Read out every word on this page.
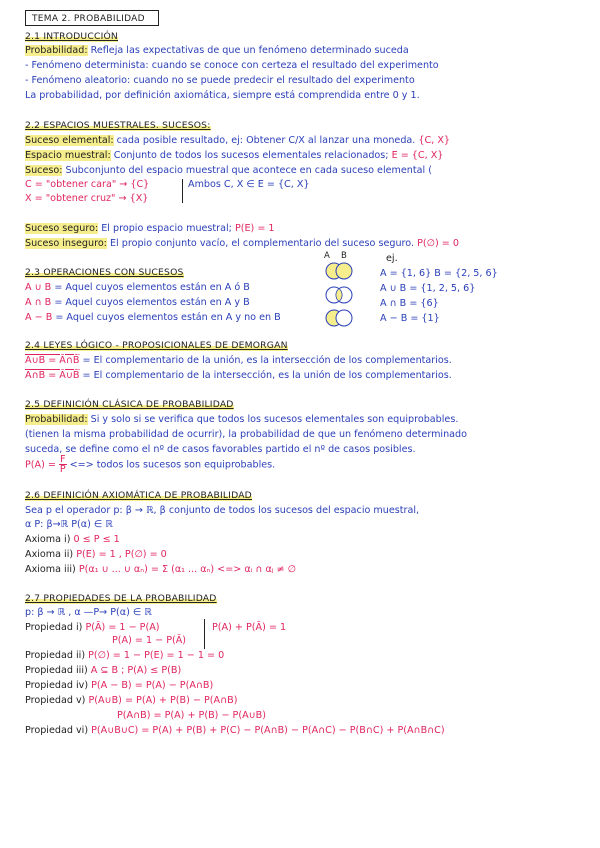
TEMA 2. PROBABILIDAD
2.1 INTRODUCCIÓN
Probabilidad: Refleja las expectativas de que un fenómeno determinado suceda
- Fenómeno determinista: cuando se conoce con certeza el resultado del experimento
- Fenómeno aleatorio: cuando no se puede predecir el resultado del experimento
La probabilidad, por definición axiomática, siempre está comprendida entre 0 y 1.
2.2 ESPACIOS MUESTRALES. SUCESOS:
Suceso elemental: cada posible resultado, ej: Obtener C/X al lanzar una moneda. {C, X}
Espacio muestral: Conjunto de todos los sucesos elementales relacionados; E = {C, X}
Suceso: Subconjunto del espacio muestral que acontece en cada suceso elemental (
C = "obtener cara" → {C}	Ambos C, X ∈ E = {C, X}
X = "obtener cruz" → {X}
Suceso seguro: El propio espacio muestral; P(E) = 1
Suceso inseguro: El propio conjunto vacío, el complementario del suceso seguro. P(∅) = 0
A B	ej.
2.3 OPERACIONES CON SUCESOS
A ∪ B = Aquel cuyos elementos están en A ó B
A ∩ B = Aquel cuyos elementos están en A y B
A − B = Aquel cuyos elementos están en A y no en B
A = {1, 6} B = {2, 5, 6}
A ∪ B = {1, 2, 5, 6}
A ∩ B = {6}
A − B = {1}
2.4 LEYES LÓGICO - PROPOSICIONALES DE DEMORGAN
A∪B = Ā∩B̄ = El complementario de la unión, es la intersección de los complementarios.
A∩B = Ā∪B̄ = El complementario de la intersección, es la unión de los complementarios.
2.5 DEFINICIÓN CLÁSICA DE PROBABILIDAD
Probabilidad: Si y solo si se verifica que todos los sucesos elementales son equiprobables.
(tienen la misma probabilidad de ocurrir), la probabilidad de que un fenómeno determinado
suceda, se define como el nº de casos favorables partido el nº de casos posibles.
$P(A) = \frac{F}{P}$ <=> todos los sucesos son equiprobables.
2.6 DEFINICIÓN AXIOMÁTICA DE PROBABILIDAD
Sea p el operador p: β → ℝ, β conjunto de todos los sucesos del espacio muestral,
α P: β→ℝ P(α) ∈ ℝ
Axioma i) 0 ≤ P ≤ 1
Axioma ii) P(E) = 1 , P(∅) = 0
Axioma iii) P(α₁ ∪ ... ∪ αₙ) = Σ (α₁ ... αₙ) <=> αᵢ ∩ αⱼ ≠ ∅
2.7 PROPIEDADES DE LA PROBABILIDAD
p: β → ℝ , α —P→ P(α) ∈ ℝ
Propiedad i) P(Ā) = 1 − P(A)
P(A) = 1 − P(Ā)
P(A) + P(Ā) = 1
Propiedad ii) P(∅) = 1 − P(E) = 1 − 1 = 0
Propiedad iii) A ⊆ B ; P(A) ≤ P(B)
Propiedad iv) P(A − B) = P(A) − P(A∩B)
Propiedad v) P(A∪B) = P(A) + P(B) − P(A∩B)
P(A∩B) = P(A) + P(B) − P(A∪B)
Propiedad vi) P(A∪B∪C) = P(A) + P(B) + P(C) − P(A∩B) − P(A∩C) − P(B∩C) + P(A∩B∩C)
